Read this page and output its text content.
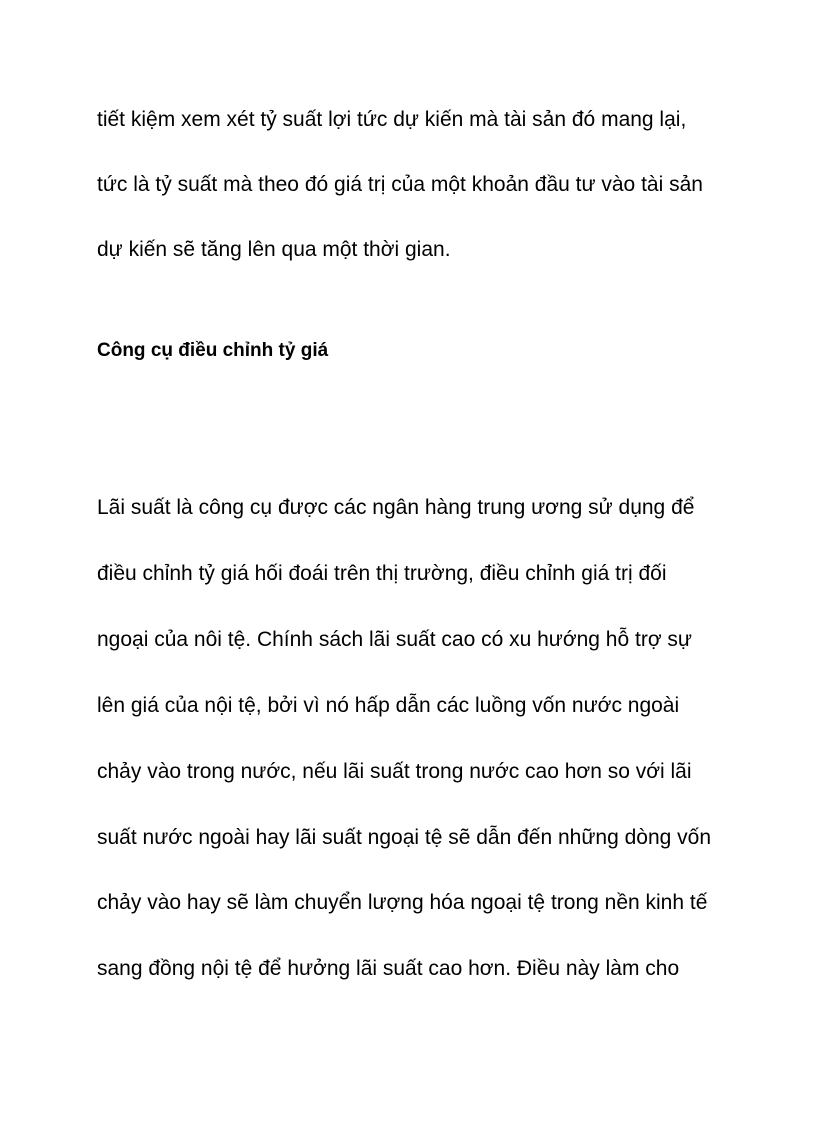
tiết kiệm xem xét tỷ suất lợi tức dự kiến mà tài sản đó mang lại,
tức là tỷ suất mà theo đó giá trị của một khoản đầu tư vào tài sản
dự kiến sẽ tăng lên qua một thời gian.
Công cụ điều chỉnh tỷ giá
Lãi suất là công cụ được các ngân hàng trung ương sử dụng để
điều chỉnh tỷ giá hối đoái trên thị trường, điều chỉnh giá trị đối
ngoại của nôi tệ. Chính sách lãi suất cao có xu hướng hỗ trợ sự
lên giá của nội tệ, bởi vì nó hấp dẫn các luồng vốn nước ngoài
chảy vào trong nước, nếu lãi suất trong nước cao hơn so với lãi
suất nước ngoài hay lãi suất ngoại tệ sẽ dẫn đến những dòng vốn
chảy vào hay sẽ làm chuyển lượng hóa ngoại tệ trong nền kinh tế
sang đồng nội tệ để hưởng lãi suất cao hơn. Điều này làm cho
